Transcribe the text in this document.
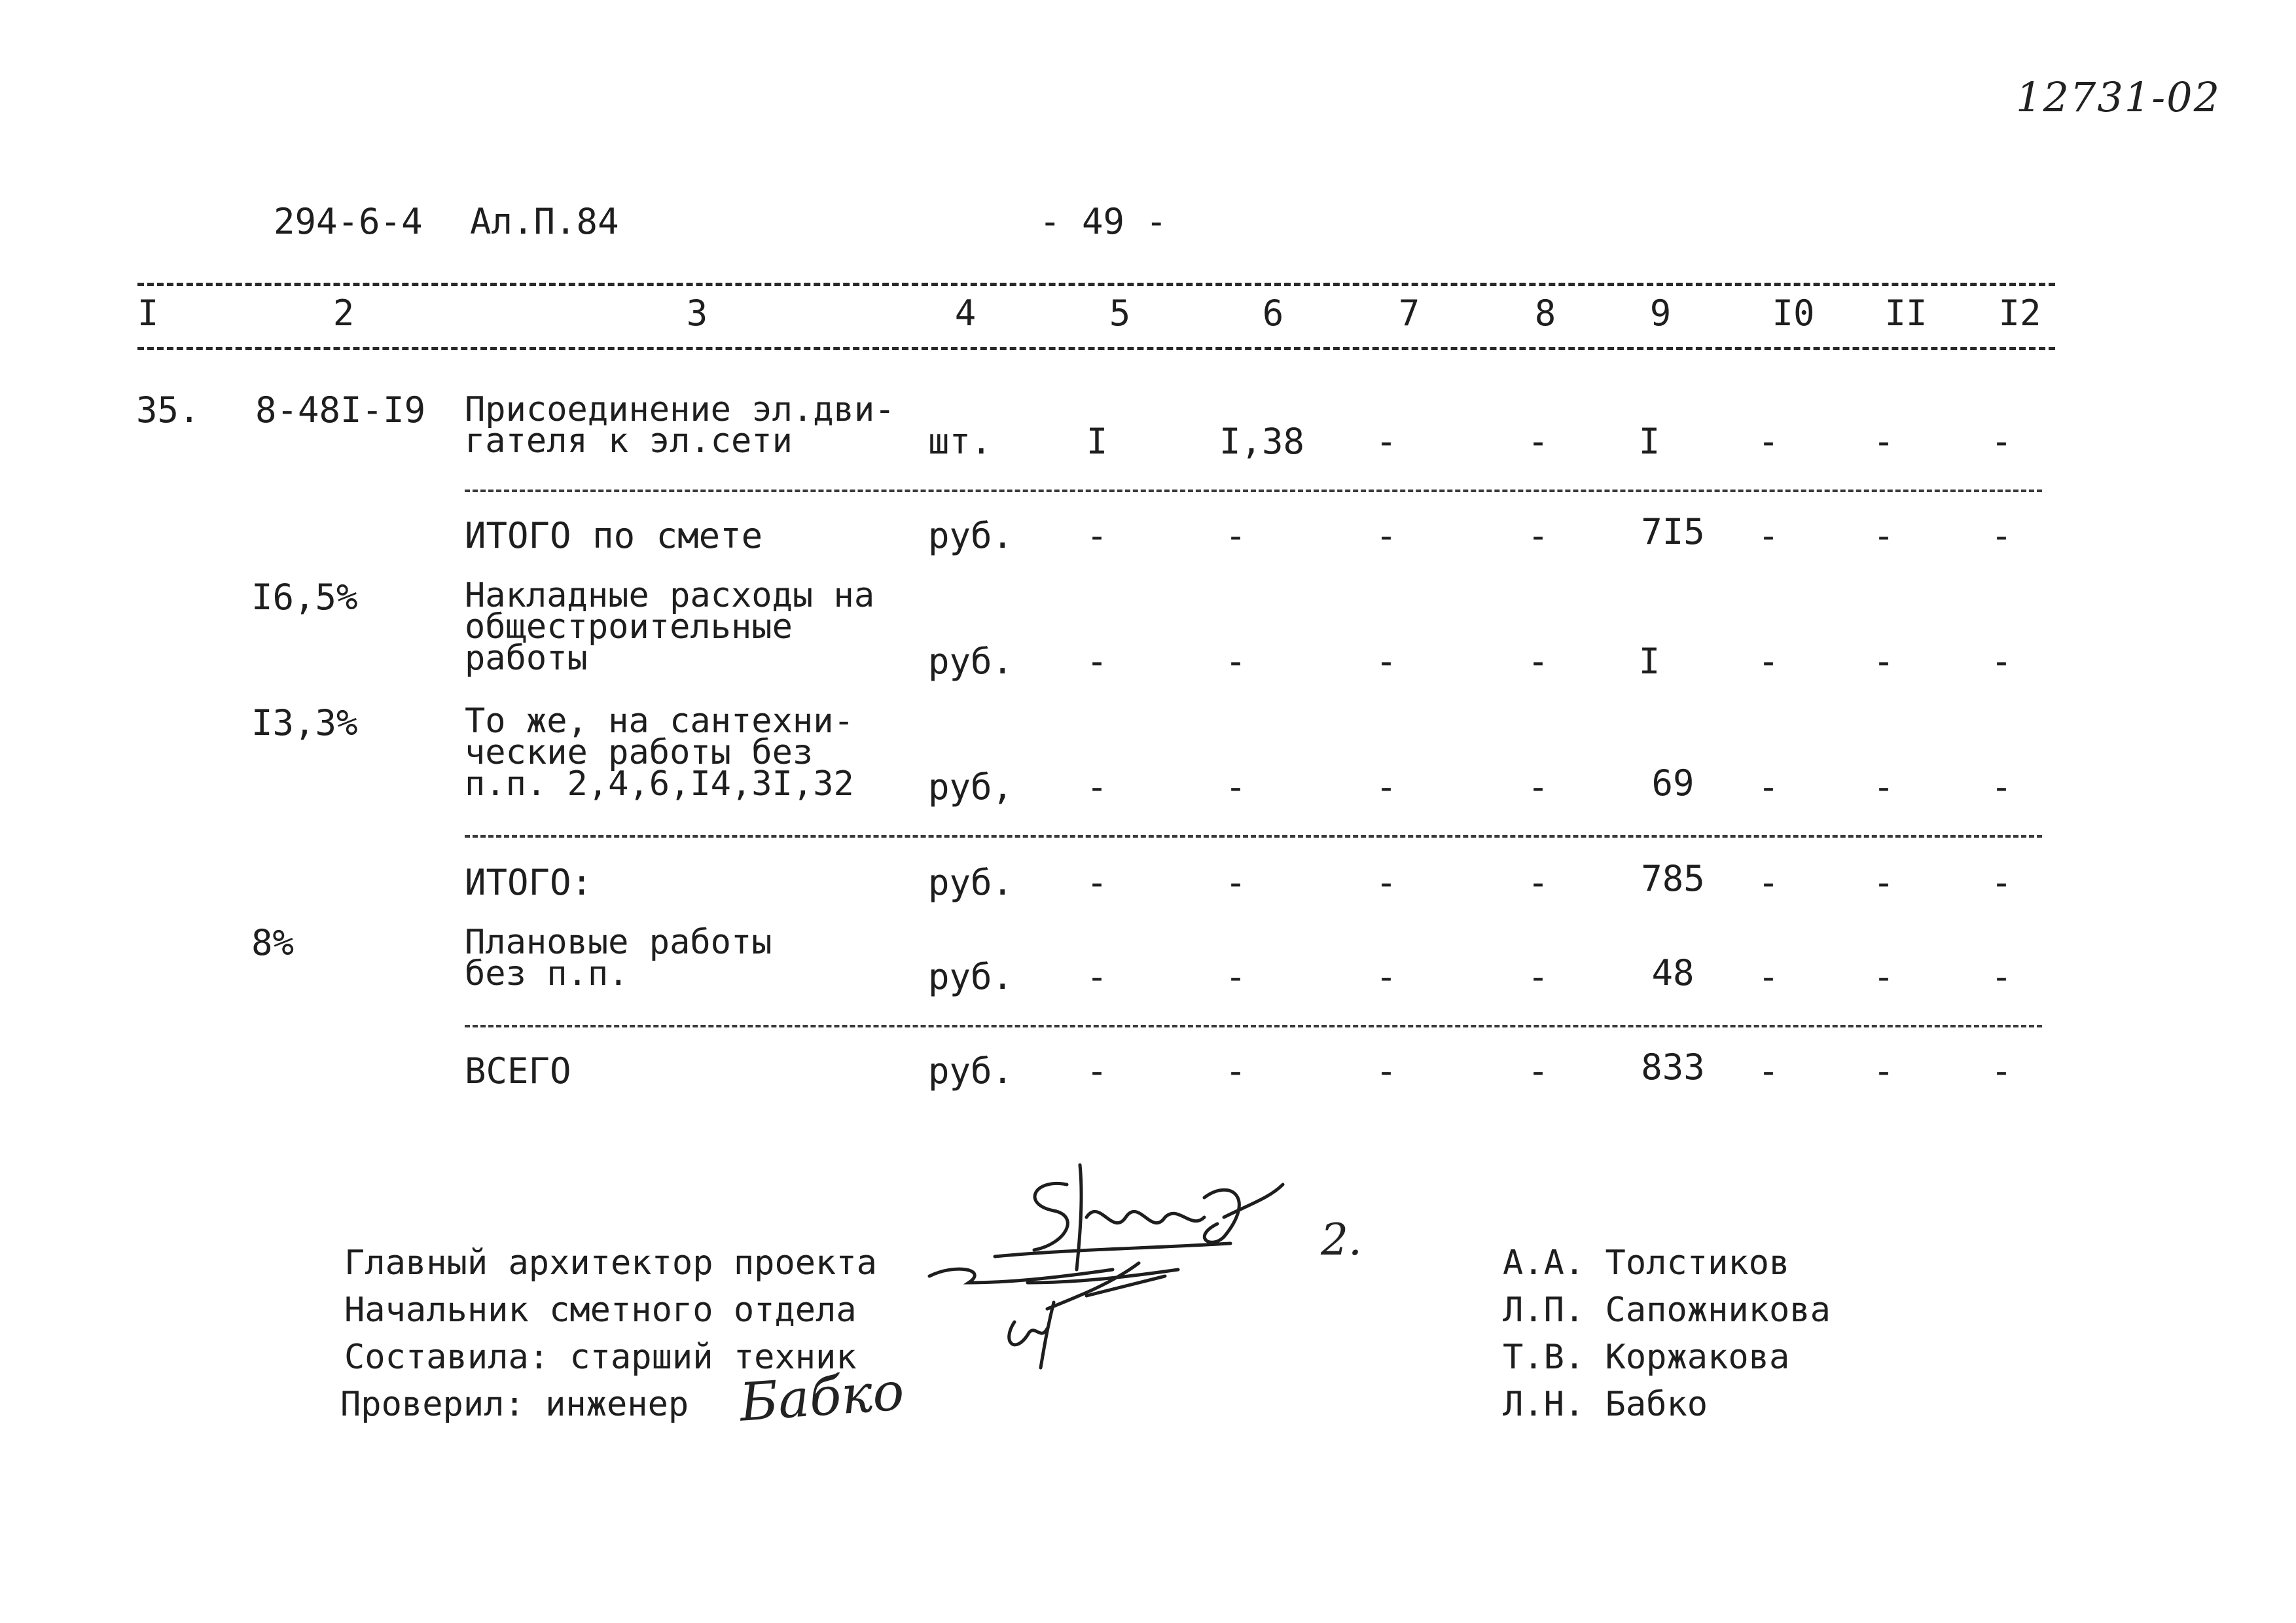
12731-02
294-6-4 Ал.П.84	- 49 -
I	2	3	4	5	6	7	8	9	I0	II	I2
35. 8-48I-I9 Присоединение эл.дви-
гателя к эл.сети	шт.	I	I,38	-	-	I	-	-	-
ИТОГО по смете	руб.	-	-	-	-	7I5	-	-	-
I6,5%	Накладные расходы на
общестроительные
работы	руб.	-	-	-	-	I	-	-	-
I3,3%	То же, на сантехни-
ческие работы без
п.п. 2,4,6,I4,3I,32 руб,	-	-	-	-	69	-	-	-
ИТОГО:	руб.	-	-	-	-	785	-	-	-
8%	Плановые работы
без п.п.	руб.	-	-	-	-	48	-	-	-
ВСЕГО	руб.	-	-	-	-	833	-	-	-
Главный архитектор проекта
Начальник сметного отдела
Составила: старший техник
Проверил: инженер
А.А. Толстиков
Л.П. Сапожникова
Т.В. Коржакова
Л.Н. Бабко
2.
Бабко
